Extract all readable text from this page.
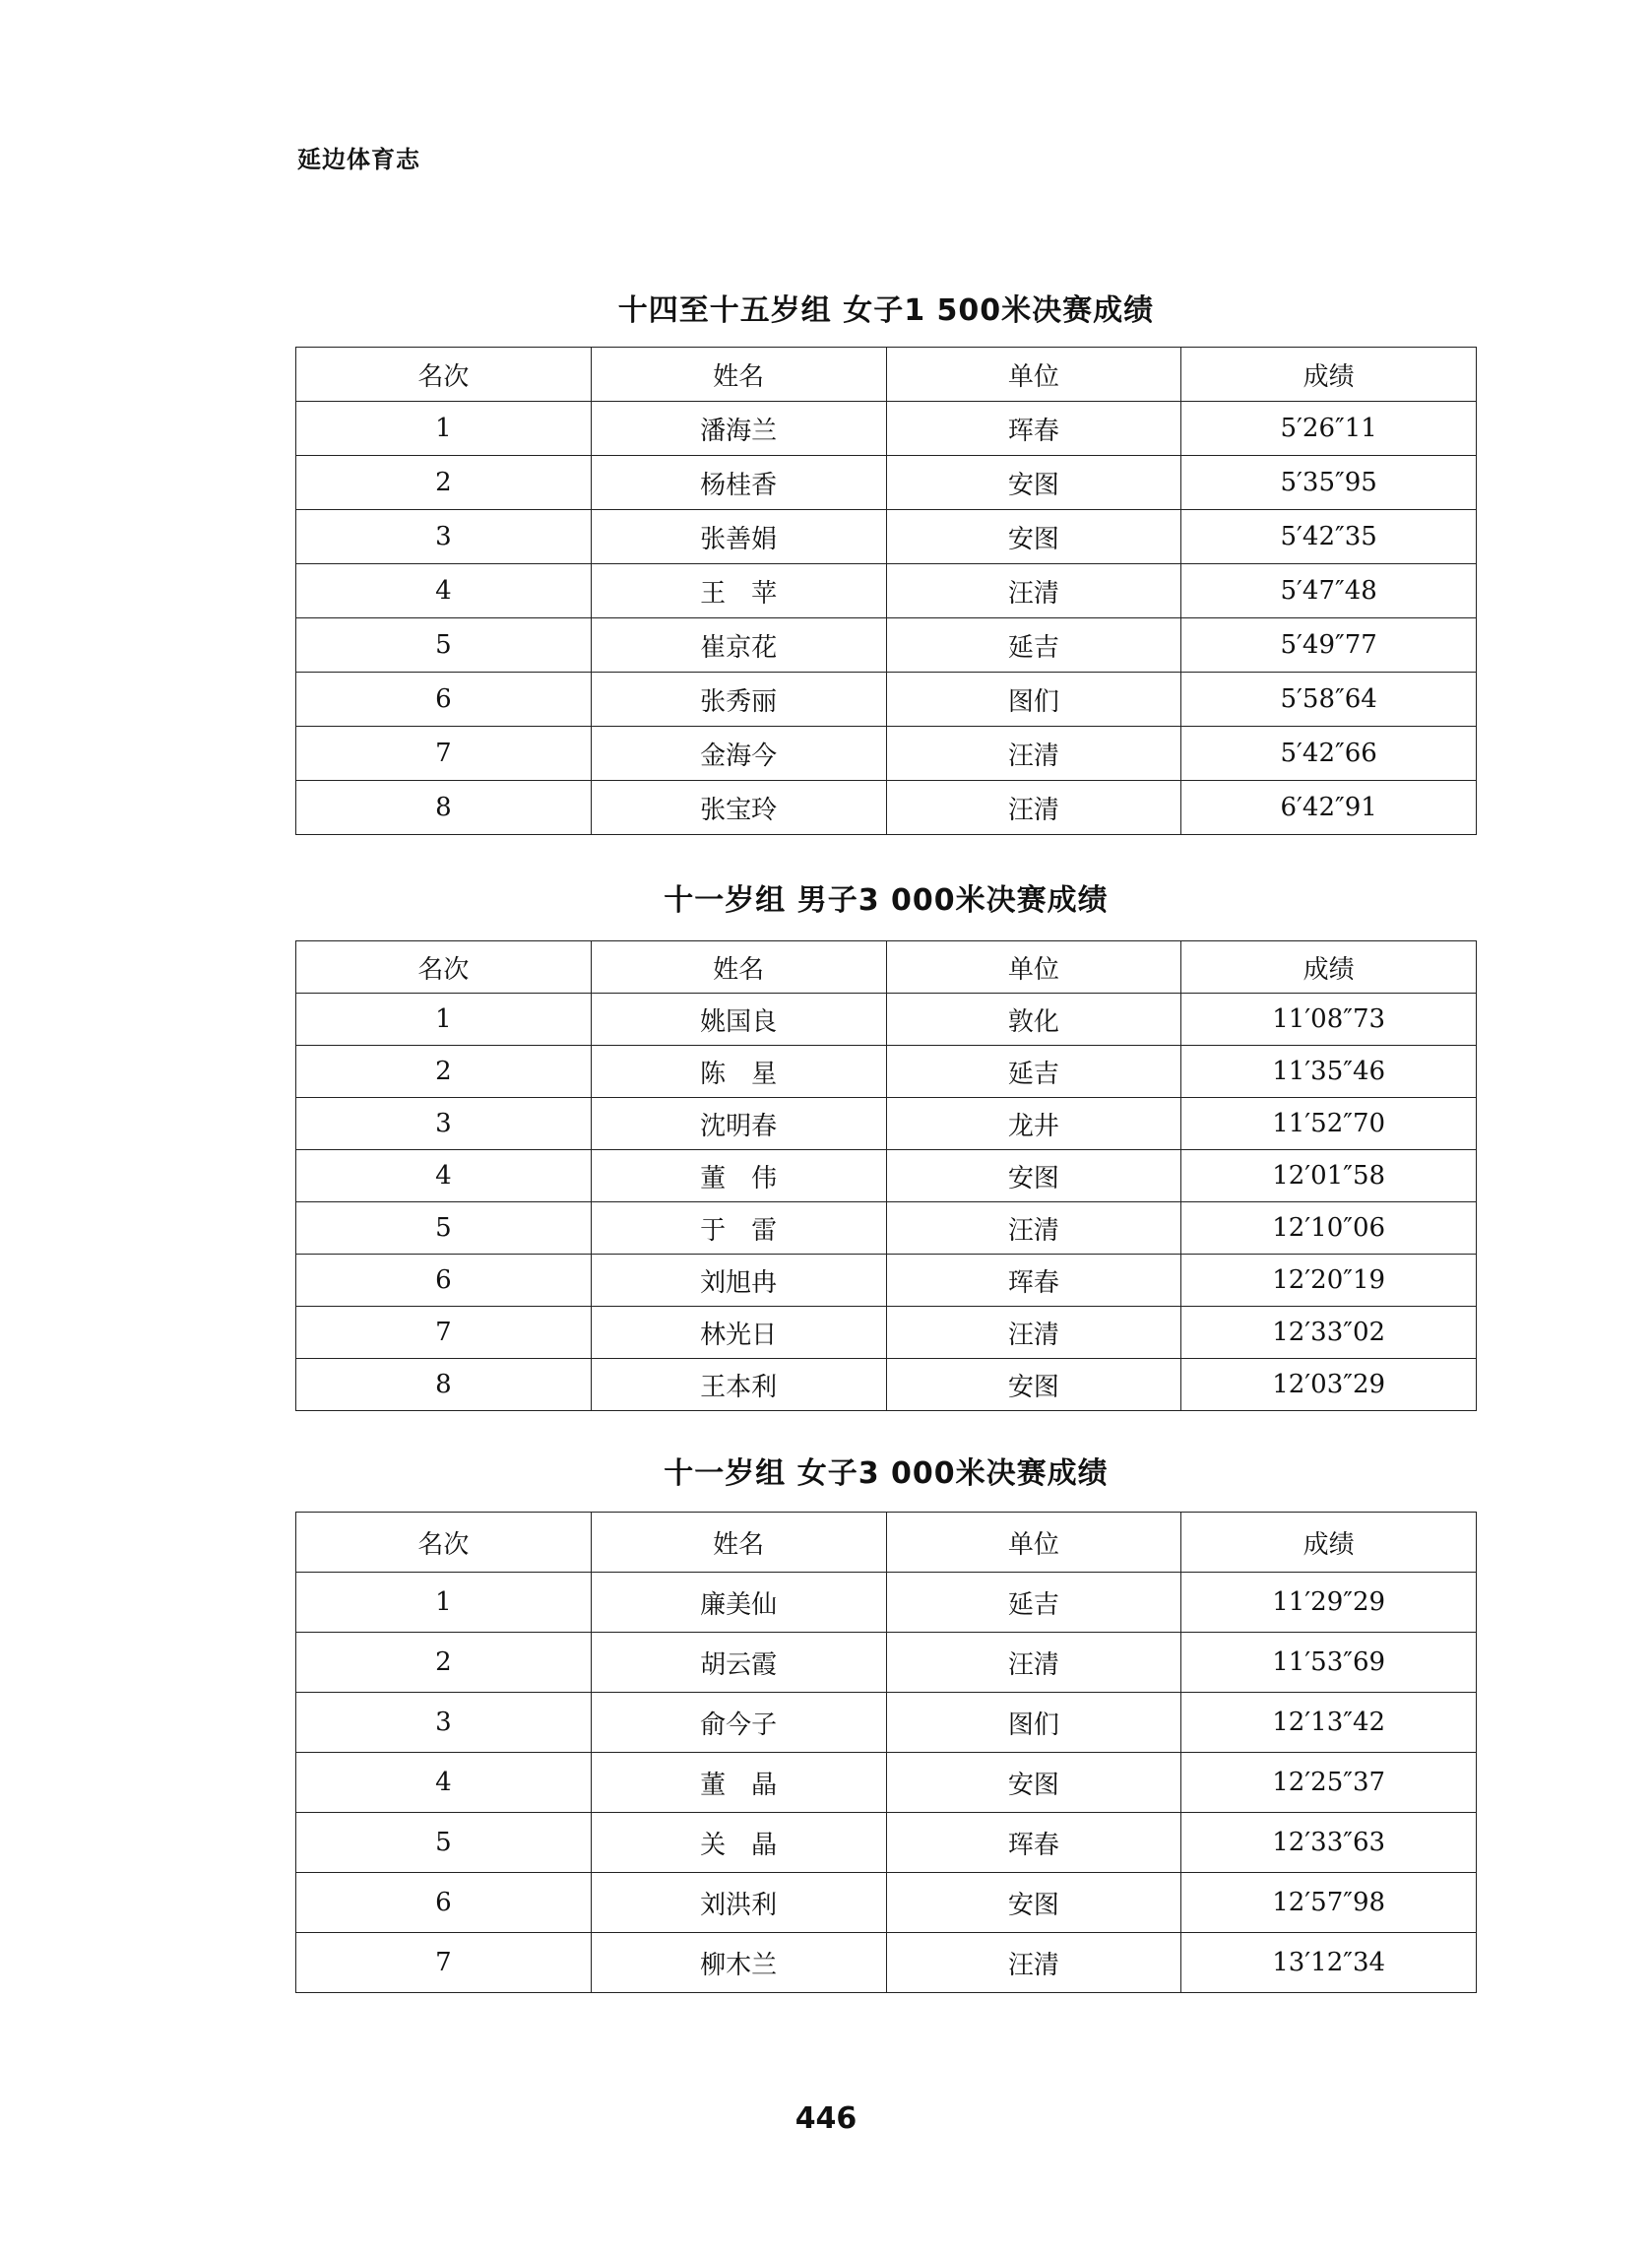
延边体育志
十四至十五岁组 女子1 500米决赛成绩
名次	姓名	单位	成绩
1	潘海兰	珲春	5′26″11
2	杨桂香	安图	5′35″95
3	张善娟	安图	5′42″35
4	王　苹	汪清	5′47″48
5	崔京花	延吉	5′49″77
6	张秀丽	图们	5′58″64
7	金海今	汪清	5′42″66
8	张宝玲	汪清	6′42″91
十一岁组 男子3 000米决赛成绩
名次	姓名	单位	成绩
1	姚国良	敦化	11′08″73
2	陈　星	延吉	11′35″46
3	沈明春	龙井	11′52″70
4	董　伟	安图	12′01″58
5	于　雷	汪清	12′10″06
6	刘旭冉	珲春	12′20″19
7	林光日	汪清	12′33″02
8	王本利	安图	12′03″29
十一岁组 女子3 000米决赛成绩
名次	姓名	单位	成绩
1	廉美仙	延吉	11′29″29
2	胡云霞	汪清	11′53″69
3	俞今子	图们	12′13″42
4	董　晶	安图	12′25″37
5	关　晶	珲春	12′33″63
6	刘洪利	安图	12′57″98
7	柳木兰	汪清	13′12″34
446
